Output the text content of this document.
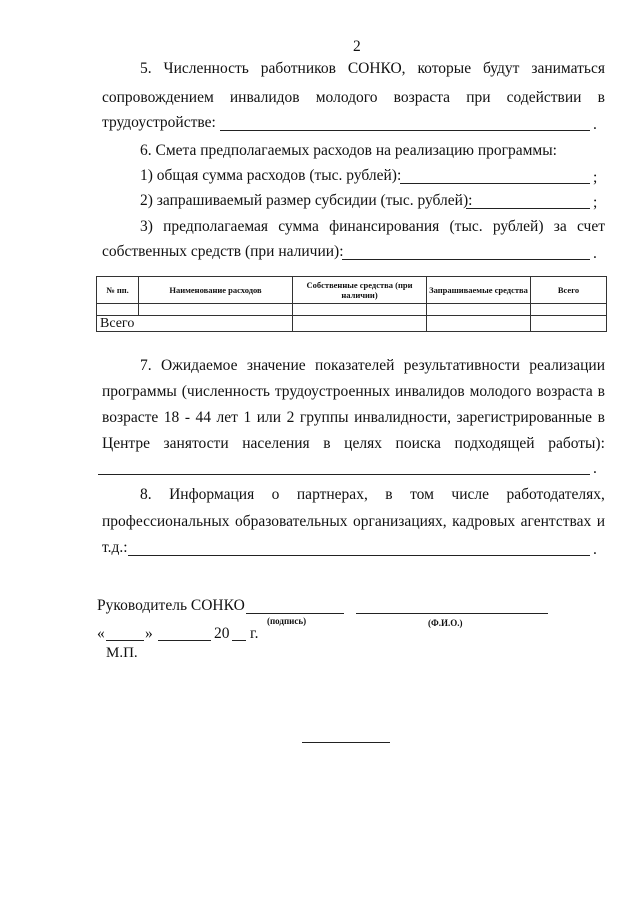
2
5. Численность работников СОНКО, которые будут заниматься
сопровождением инвалидов молодого возраста при содействии в
трудоустройстве:	.
6. Смета предполагаемых расходов на реализацию программы:
1) общая сумма расходов (тыс. рублей):	;
2) запрашиваемый размер субсидии (тыс. рублей):	;
3) предполагаемая сумма финансирования (тыс. рублей) за счет
собственных средств (при наличии):	.
№ пп.	Наименование расходов	Собственные средства (при наличии)	Запрашиваемые средства	Всего

Всего				
7. Ожидаемое значение показателей результативности реализации
программы (численность трудоустроенных инвалидов молодого возраста в
возрасте 18 - 44 лет 1 или 2 группы инвалидности, зарегистрированные в
Центре занятости населения в целях поиска подходящей работы):
.
8. Информация о партнерах, в том числе работодателях,
профессиональных образовательных организациях, кадровых агентствах и
т.д.:	.
Руководитель СОНКО
(подпись)	(Ф.И.О.)
«	»	20 г.
М.П.
